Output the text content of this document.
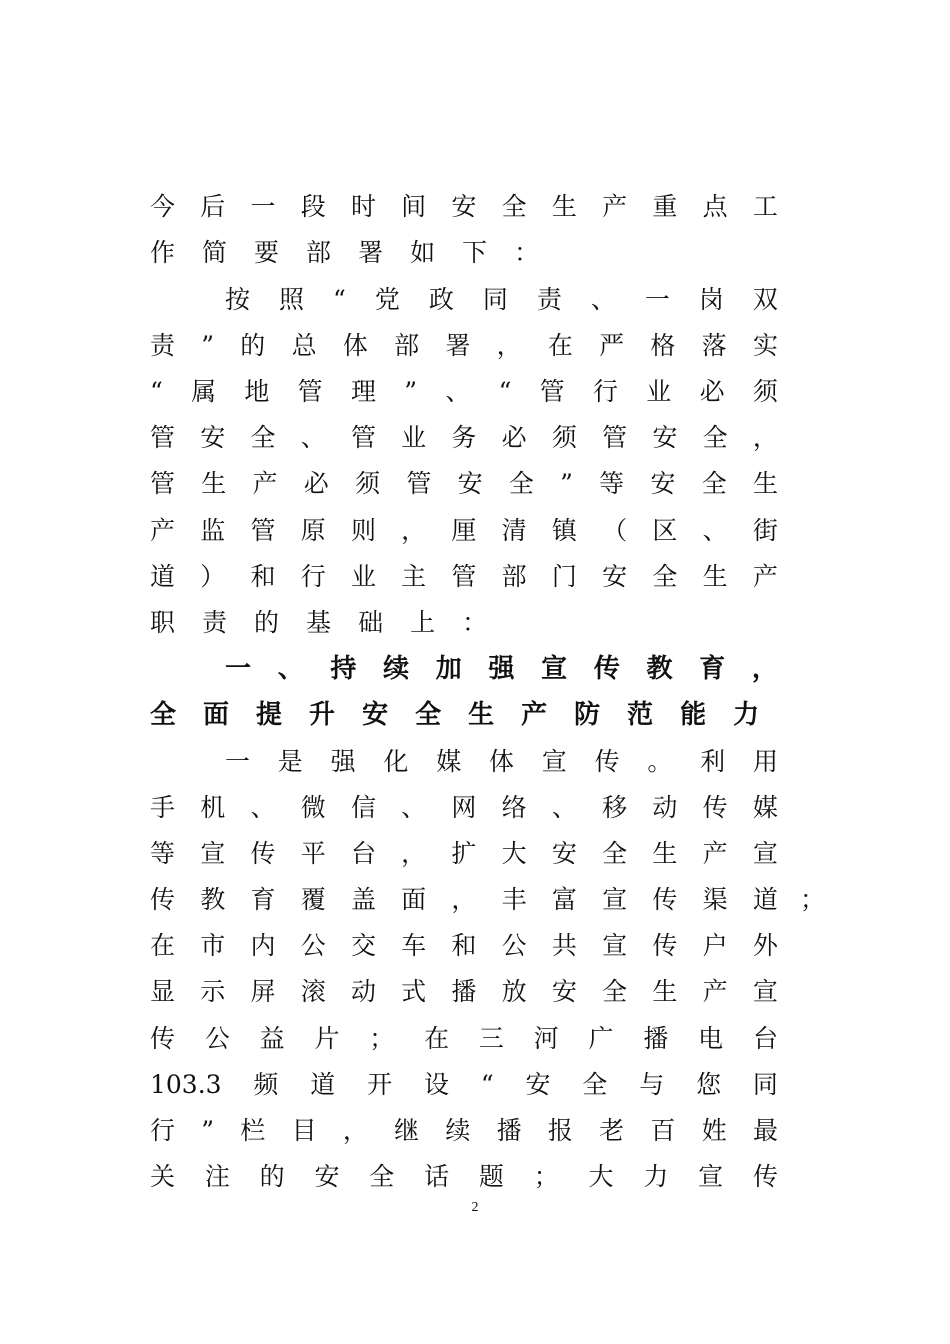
今 后 一 段 时 间 安 全 生 产 重 点 工
作 简 要 部 署 如 下 ：
按 照 “ 党 政 同 责 、 一 岗 双
责 ” 的 总 体 部 署 ， 在 严 格 落 实
“ 属 地 管 理 ” 、 “ 管 行 业 必 须
管 安 全 、 管 业 务 必 须 管 安 全 ，
管 生 产 必 须 管 安 全 ” 等 安 全 生
产 监 管 原 则 ， 厘 清 镇 （ 区 、 街
道 ） 和 行 业 主 管 部 门 安 全 生 产
职 责 的 基 础 上 ：
一 、 持 续 加 强 宣 传 教 育 ，
全 面 提 升 安 全 生 产 防 范 能 力
一 是 强 化 媒 体 宣 传 。 利 用
手 机 、 微 信 、 网 络 、 移 动 传 媒
等 宣 传 平 台 ， 扩 大 安 全 生 产 宣
传 教 育 覆 盖 面 ， 丰 富 宣 传 渠 道
在 市 内 公 交 车 和 公 共 宣 传 户 外
显 示 屏 滚 动 式 播 放 安 全 生 产 宣
传 公 益 片 ； 在 三 河 广 播 电 台
103.3 频 道 开 设 “ 安 全 与 您 同
行 ” 栏 目 ， 继 续 播 报 老 百 姓 最
关 注 的 安 全 话 题 ； 大 力 宣 传
；
2
